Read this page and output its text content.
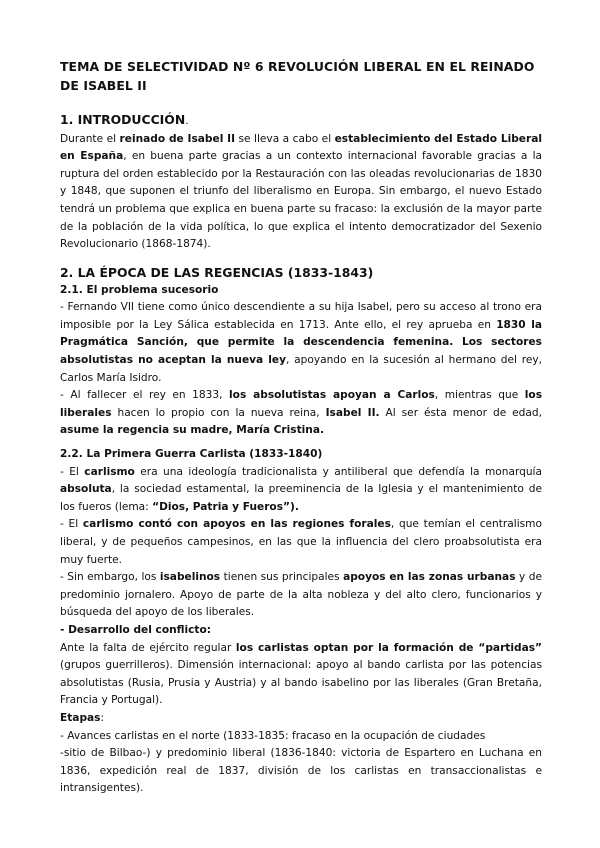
TEMA DE SELECTIVIDAD Nº 6 REVOLUCIÓN LIBERAL EN EL REINADO DE ISABEL II

1. INTRODUCCIÓN.

Durante el reinado de Isabel II se lleva a cabo el establecimiento del Estado Liberal en España, en buena parte gracias a un contexto internacional favorable gracias a la ruptura del orden establecido por la Restauración con las oleadas revolucionarias de 1830 y 1848, que suponen el triunfo del liberalismo en Europa. Sin embargo, el nuevo Estado tendrá un problema que explica en buena parte su fracaso: la exclusión de la mayor parte de la población de la vida política, lo que explica el intento democratizador del Sexenio Revolucionario (1868-1874).

2. LA ÉPOCA DE LAS REGENCIAS (1833-1843)

2.1. El problema sucesorio

- Fernando VII tiene como único descendiente a su hija Isabel, pero su acceso al trono era imposible por la Ley Sálica establecida en 1713. Ante ello, el rey aprueba en 1830 la Pragmática Sanción, que permite la descendencia femenina. Los sectores absolutistas no aceptan la nueva ley, apoyando en la sucesión al hermano del rey, Carlos María Isidro.

- Al fallecer el rey en 1833, los absolutistas apoyan a Carlos, mientras que los liberales hacen lo propio con la nueva reina, Isabel II. Al ser ésta menor de edad, asume la regencia su madre, María Cristina.

2.2. La Primera Guerra Carlista (1833-1840)

- El carlismo era una ideología tradicionalista y antiliberal que defendía la monarquía absoluta, la sociedad estamental, la preeminencia de la Iglesia y el mantenimiento de los fueros (lema: “Dios, Patria y Fueros”).

- El carlismo contó con apoyos en las regiones forales, que temían el centralismo liberal, y de pequeños campesinos, en las que la influencia del clero proabsolutista era muy fuerte.

- Sin embargo, los isabelinos tienen sus principales apoyos en las zonas urbanas y de predominio jornalero. Apoyo de parte de la alta nobleza y del alto clero, funcionarios y búsqueda del apoyo de los liberales.

- Desarrollo del conflicto:

Ante la falta de ejército regular los carlistas optan por la formación de “partidas” (grupos guerrilleros). Dimensión internacional: apoyo al bando carlista por las potencias absolutistas (Rusia, Prusia y Austria) y al bando isabelino por las liberales (Gran Bretaña, Francia y Portugal).

Etapas:

- Avances carlistas en el norte (1833-1835: fracaso en la ocupación de ciudades

-sitio de Bilbao-) y predominio liberal (1836-1840: victoria de Espartero en Luchana en 1836, expedición real de 1837, división de los carlistas en transaccionalistas e intransigentes).
